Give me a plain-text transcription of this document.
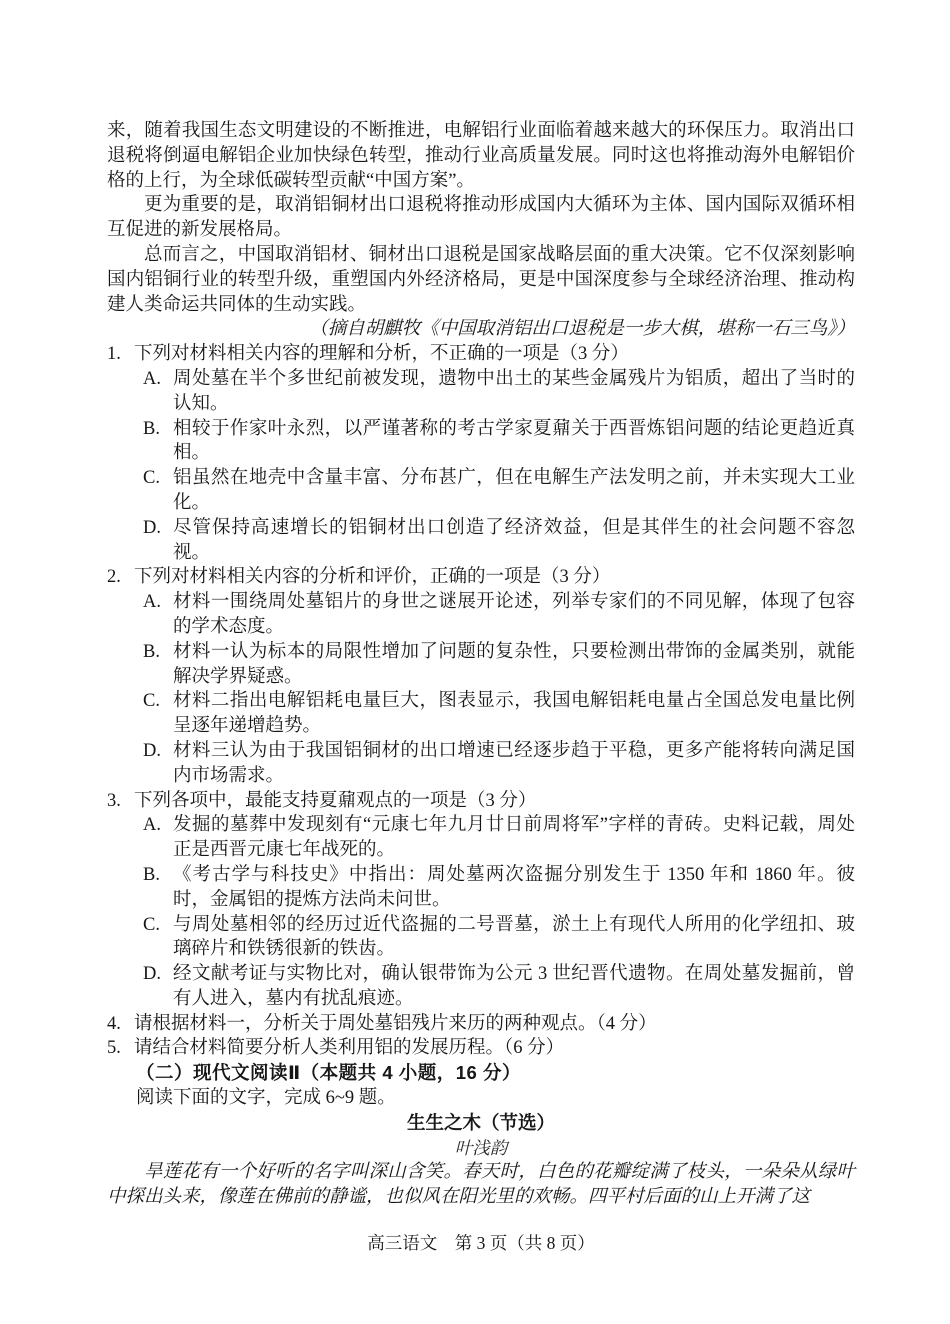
来，随着我国生态文明建设的不断推进，电解铝行业面临着越来越大的环保压力。取消出口退税将倒逼电解铝企业加快绿色转型，推动行业高质量发展。同时这也将推动海外电解铝价格的上行，为全球低碳转型贡献“中国方案”。
更为重要的是，取消铝铜材出口退税将推动形成国内大循环为主体、国内国际双循环相互促进的新发展格局。
总而言之，中国取消铝材、铜材出口退税是国家战略层面的重大决策。它不仅深刻影响国内铝铜行业的转型升级，重塑国内外经济格局，更是中国深度参与全球经济治理、推动构建人类命运共同体的生动实践。
（摘自胡麒牧《中国取消铝出口退税是一步大棋，堪称一石三鸟》）
1. 下列对材料相关内容的理解和分析，不正确的一项是（3 分）
A. 周处墓在半个多世纪前被发现，遗物中出土的某些金属残片为铝质，超出了当时的认知。
B. 相较于作家叶永烈，以严谨著称的考古学家夏鼐关于西晋炼铝问题的结论更趋近真相。
C. 铝虽然在地壳中含量丰富、分布甚广，但在电解生产法发明之前，并未实现大工业化。
D. 尽管保持高速增长的铝铜材出口创造了经济效益，但是其伴生的社会问题不容忽视。
2. 下列对材料相关内容的分析和评价，正确的一项是（3 分）
A. 材料一围绕周处墓铝片的身世之谜展开论述，列举专家们的不同见解，体现了包容的学术态度。
B. 材料一认为标本的局限性增加了问题的复杂性，只要检测出带饰的金属类别，就能解决学界疑惑。
C. 材料二指出电解铝耗电量巨大，图表显示，我国电解铝耗电量占全国总发电量比例呈逐年递增趋势。
D. 材料三认为由于我国铝铜材的出口增速已经逐步趋于平稳，更多产能将转向满足国内市场需求。
3. 下列各项中，最能支持夏鼐观点的一项是（3 分）
A. 发掘的墓葬中发现刻有“元康七年九月廿日前周将军”字样的青砖。史料记载，周处正是西晋元康七年战死的。
B. 《考古学与科技史》中指出：周处墓两次盗掘分别发生于 1350 年和 1860 年。彼时，金属铝的提炼方法尚未问世。
C. 与周处墓相邻的经历过近代盗掘的二号晋墓，淤土上有现代人所用的化学纽扣、玻璃碎片和铁锈很新的铁齿。
D. 经文献考证与实物比对，确认银带饰为公元 3 世纪晋代遗物。在周处墓发掘前，曾有人进入，墓内有扰乱痕迹。
4. 请根据材料一，分析关于周处墓铝残片来历的两种观点。（4 分）
5. 请结合材料简要分析人类利用铝的发展历程。（6 分）
（二）现代文阅读Ⅱ（本题共 4 小题，16 分）
阅读下面的文字，完成 6~9 题。
生生之木（节选）
叶浅韵
旱莲花有一个好听的名字叫深山含笑。春天时，白色的花瓣绽满了枝头，一朵朵从绿叶中探出头来，像莲在佛前的静谧，也似风在阳光里的欢畅。四平村后面的山上开满了这
高三语文　第 3 页（共 8 页）
